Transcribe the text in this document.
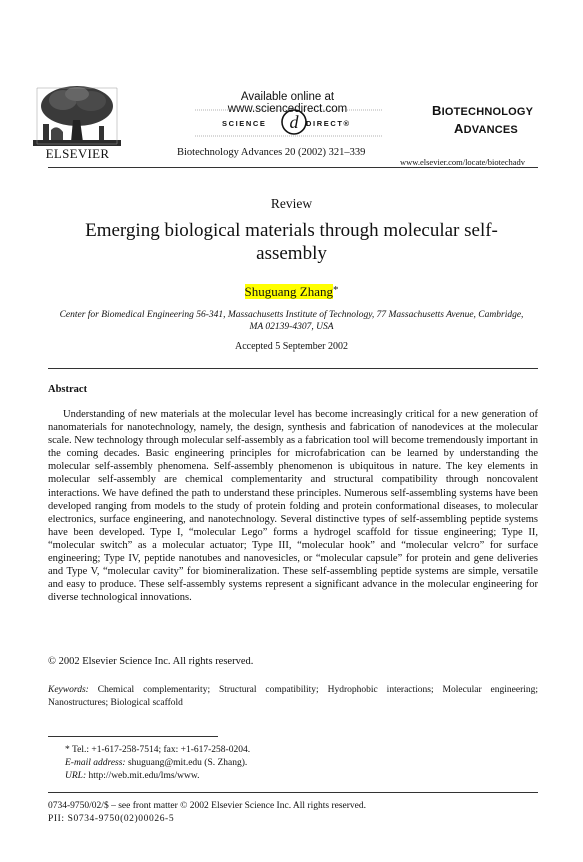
ELSEVIER
Available online at www.sciencedirect.com
SCIENCE d DIRECT®
Biotechnology Advances 20 (2002) 321–339
BIOTECHNOLOGY
ADVANCES
www.elsevier.com/locate/biotechadv
Review
Emerging biological materials through molecular self-assembly
Shuguang Zhang*
Center for Biomedical Engineering 56-341, Massachusetts Institute of Technology, 77 Massachusetts Avenue, Cambridge, MA 02139-4307, USA
Accepted 5 September 2002
Abstract

Understanding of new materials at the molecular level has become increasingly critical for a new generation of nanomaterials for nanotechnology, namely, the design, synthesis and fabrication of nanodevices at the molecular scale. New technology through molecular self-assembly as a fabrication tool will become tremendously important in the coming decades. Basic engineering principles for microfabrication can be learned by understanding the molecular self-assembly phenomena. Self-assembly phenomenon is ubiquitous in nature. The key elements in molecular self-assembly are chemical complementarity and structural compatibility through noncovalent interactions. We have defined the path to understand these principles. Numerous self-assembling systems have been developed ranging from models to the study of protein folding and protein conformational diseases, to molecular electronics, surface engineering, and nanotechnology. Several distinctive types of self-assembling peptide systems have been developed. Type I, “molecular Lego” forms a hydrogel scaffold for tissue engineering; Type II, “molecular switch” as a molecular actuator; Type III, “molecular hook” and “molecular velcro” for surface engineering; Type IV, peptide nanotubes and nanovesicles, or “molecular capsule” for protein and gene deliveries and Type V, “molecular cavity” for biomineralization. These self-assembling peptide systems are simple, versatile and easy to produce. These self-assembly systems represent a significant advance in the molecular engineering for diverse technological innovations.

© 2002 Elsevier Science Inc. All rights reserved.
Keywords: Chemical complementarity; Structural compatibility; Hydrophobic interactions; Molecular engineering; Nanostructures; Biological scaffold
* Tel.: +1-617-258-7514; fax: +1-617-258-0204.
E-mail address: shuguang@mit.edu (S. Zhang).
URL: http://web.mit.edu/lms/www.
0734-9750/02/$ – see front matter © 2002 Elsevier Science Inc. All rights reserved.
PII: S0734-9750(02)00026-5
